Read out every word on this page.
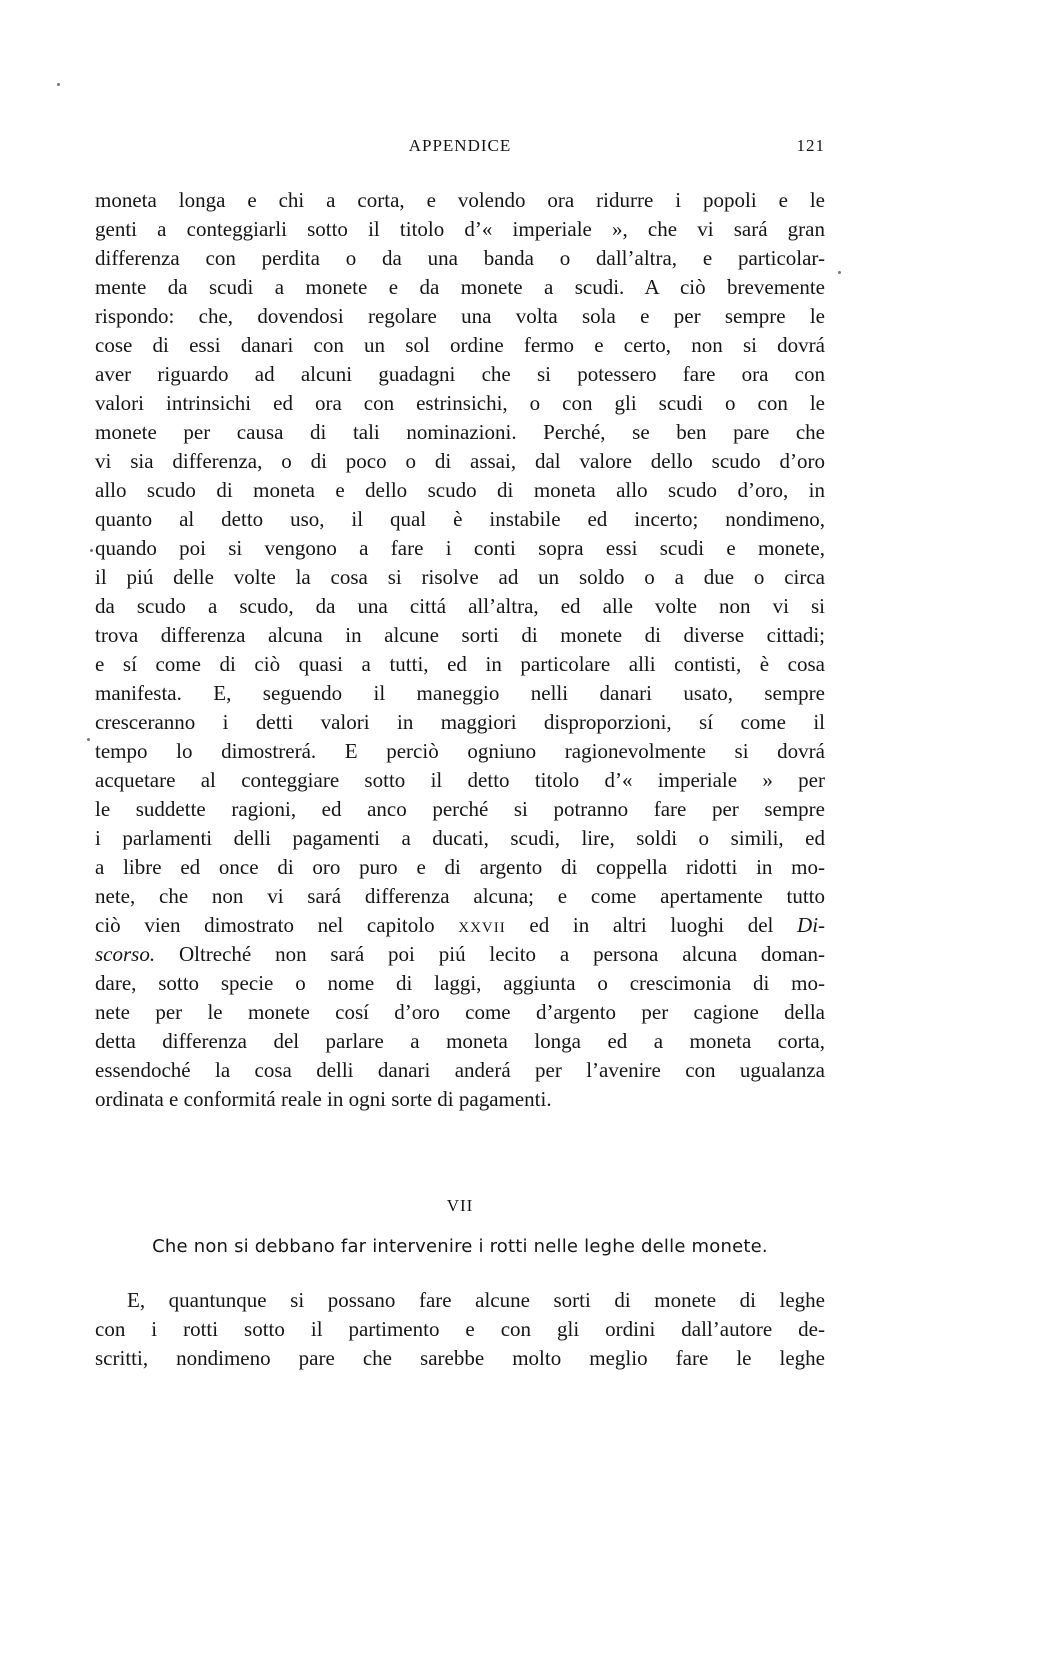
APPENDICE	121
moneta longa e chi a corta, e volendo ora ridurre i popoli e le
genti a conteggiarli sotto il titolo d’« imperiale », che vi sará gran
differenza con perdita o da una banda o dall’altra, e particolar-
mente da scudi a monete e da monete a scudi. A ciò brevemente
rispondo: che, dovendosi regolare una volta sola e per sempre le
cose di essi danari con un sol ordine fermo e certo, non si dovrá
aver riguardo ad alcuni guadagni che si potessero fare ora con
valori intrinsichi ed ora con estrinsichi, o con gli scudi o con le
monete per causa di tali nominazioni. Perché, se ben pare che
vi sia differenza, o di poco o di assai, dal valore dello scudo d’oro
allo scudo di moneta e dello scudo di moneta allo scudo d’oro, in
quanto al detto uso, il qual è instabile ed incerto; nondimeno,
quando poi si vengono a fare i conti sopra essi scudi e monete,
il piú delle volte la cosa si risolve ad un soldo o a due o circa
da scudo a scudo, da una cittá all’altra, ed alle volte non vi si
trova differenza alcuna in alcune sorti di monete di diverse cittadi;
e sí come di ciò quasi a tutti, ed in particolare alli contisti, è cosa
manifesta. E, seguendo il maneggio nelli danari usato, sempre
cresceranno i detti valori in maggiori disproporzioni, sí come il
tempo lo dimostrerá. E perciò ogniuno ragionevolmente si dovrá
acquetare al conteggiare sotto il detto titolo d’« imperiale » per
le suddette ragioni, ed anco perché si potranno fare per sempre
i parlamenti delli pagamenti a ducati, scudi, lire, soldi o simili, ed
a libre ed once di oro puro e di argento di coppella ridotti in mo-
nete, che non vi sará differenza alcuna; e come apertamente tutto
ciò vien dimostrato nel capitolo XXVII ed in altri luoghi del Di-
scorso. Oltreché non sará poi piú lecito a persona alcuna doman-
dare, sotto specie o nome di laggi, aggiunta o crescimonia di mo-
nete per le monete cosí d’oro come d’argento per cagione della
detta differenza del parlare a moneta longa ed a moneta corta,
essendoché la cosa delli danari anderá per l’avenire con ugualanza
ordinata e conformitá reale in ogni sorte di pagamenti.
VII
Che non si debbano far intervenire i rotti nelle leghe delle monete.
E, quantunque si possano fare alcune sorti di monete di leghe
con i rotti sotto il partimento e con gli ordini dall’autore de-
scritti, nondimeno pare che sarebbe molto meglio fare le leghe
